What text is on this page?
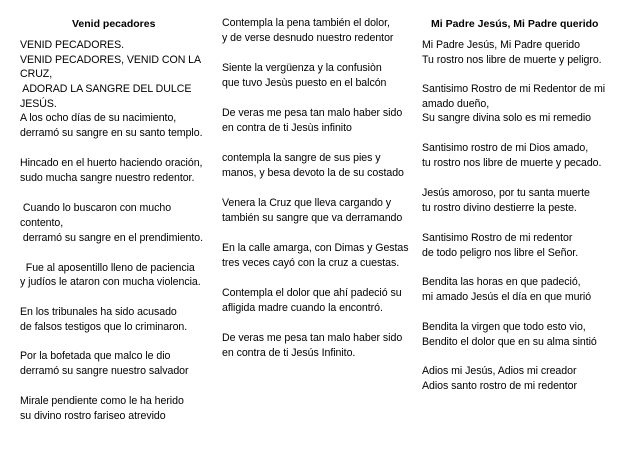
Venid pecadores
VENID PECADORES.
VENID PECADORES, VENID CON LA
CRUZ,
ADORAD LA SANGRE DEL DULCE
JESÚS.
A los ocho días de su nacimiento,
derramó su sangre en su santo templo.
Hincado en el huerto haciendo oración,
sudo mucha sangre nuestro redentor.
Cuando lo buscaron con mucho
contento,
derramó su sangre en el prendimiento.
Fue al aposentillo lleno de paciencia
y judíos le ataron con mucha violencia.
En los tribunales ha sido acusado
de falsos testigos que lo criminaron.
Por la bofetada que malco le dio
derramó su sangre nuestro salvador
Mirale pendiente como le ha herido
su divino rostro fariseo atrevido
Contempla la pena también el dolor,
y de verse desnudo nuestro redentor
Siente la vergüenza y la confusiòn
que tuvo Jesùs puesto en el balcón
De veras me pesa tan malo haber sido
en contra de ti Jesùs infinito
contempla la sangre de sus pies y
manos, y besa devoto la de su costado
Venera la Cruz que lleva cargando y
también su sangre que va derramando
En la calle amarga, con Dimas y Gestas
tres veces cayó con la cruz a cuestas.
Contempla el dolor que ahí padeció su
afligida madre cuando la encontró.
De veras me pesa tan malo haber sido
en contra de ti Jesús Infinito.
Mi Padre Jesús, Mi Padre querido
Mi Padre Jesús, Mi Padre querido
Tu rostro nos libre de muerte y peligro.
Santisimo Rostro de mi Redentor de mi
amado dueño,
Su sangre divina solo es mi remedio
Santisimo rostro de mi Dios amado,
tu rostro nos libre de muerte y pecado.
Jesús amoroso, por tu santa muerte
tu rostro divino destierre la peste.
Santisimo Rostro de mi redentor
de todo peligro nos libre el Señor.
Bendita las horas en que padeció,
mi amado Jesús el día en que murió
Bendita la virgen que todo esto vio,
Bendito el dolor que en su alma sintió
Adios mi Jesús, Adios mi creador
Adios santo rostro de mi redentor
